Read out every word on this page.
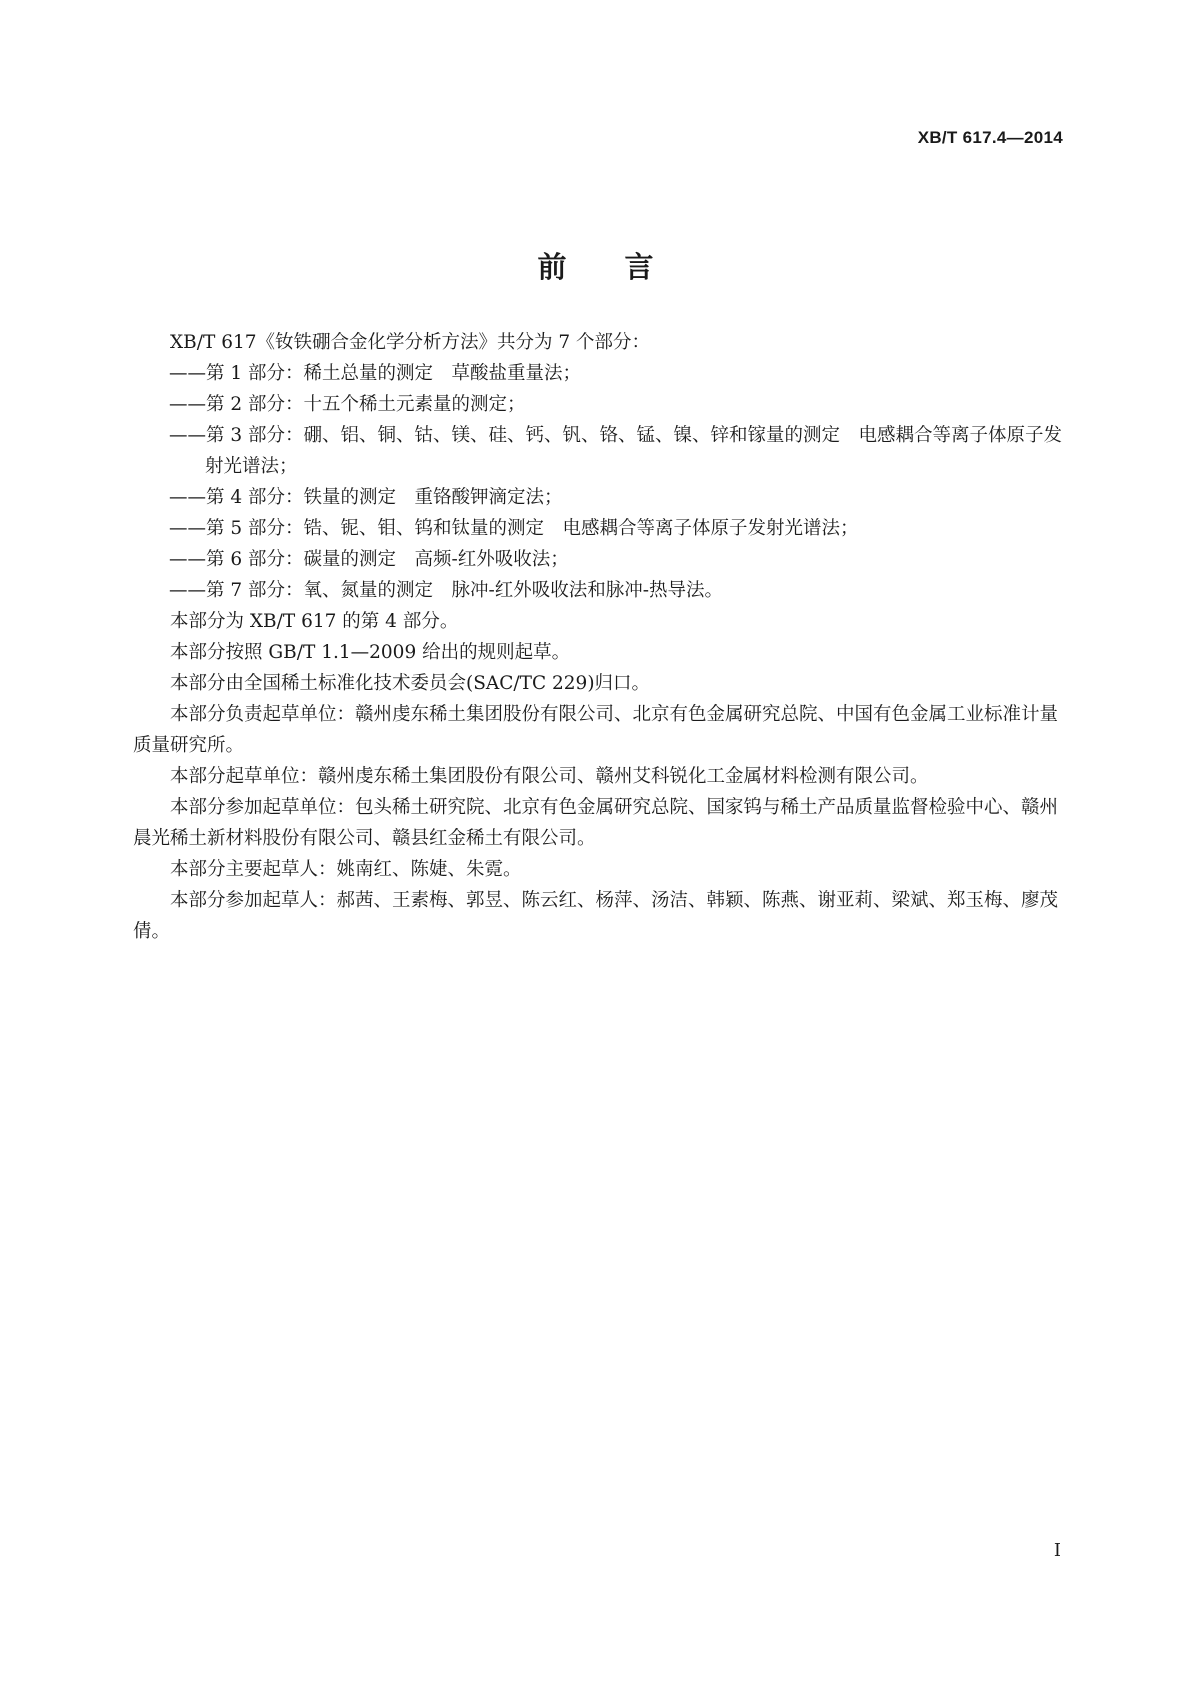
XB/T 617.4—2014
前言

XB/T 617《钕铁硼合金化学分析方法》共分为 7 个部分：

——第 1 部分：稀土总量的测定　草酸盐重量法；

——第 2 部分：十五个稀土元素量的测定；

——第 3 部分：硼、铝、铜、钴、镁、硅、钙、钒、铬、锰、镍、锌和镓量的测定　电感耦合等离子体原子发射光谱法；

——第 4 部分：铁量的测定　重铬酸钾滴定法；

——第 5 部分：锆、铌、钼、钨和钛量的测定　电感耦合等离子体原子发射光谱法；

——第 6 部分：碳量的测定　高频-红外吸收法；

——第 7 部分：氧、氮量的测定　脉冲-红外吸收法和脉冲-热导法。

本部分为 XB/T 617 的第 4 部分。

本部分按照 GB/T 1.1—2009 给出的规则起草。

本部分由全国稀土标准化技术委员会(SAC/TC 229)归口。

本部分负责起草单位：赣州虔东稀土集团股份有限公司、北京有色金属研究总院、中国有色金属工业标准计量质量研究所。

本部分起草单位：赣州虔东稀土集团股份有限公司、赣州艾科锐化工金属材料检测有限公司。

本部分参加起草单位：包头稀土研究院、北京有色金属研究总院、国家钨与稀土产品质量监督检验中心、赣州晨光稀土新材料股份有限公司、赣县红金稀土有限公司。

本部分主要起草人：姚南红、陈婕、朱霓。

本部分参加起草人：郝茜、王素梅、郭昱、陈云红、杨萍、汤洁、韩颖、陈燕、谢亚莉、梁斌、郑玉梅、廖茂倩。

I
